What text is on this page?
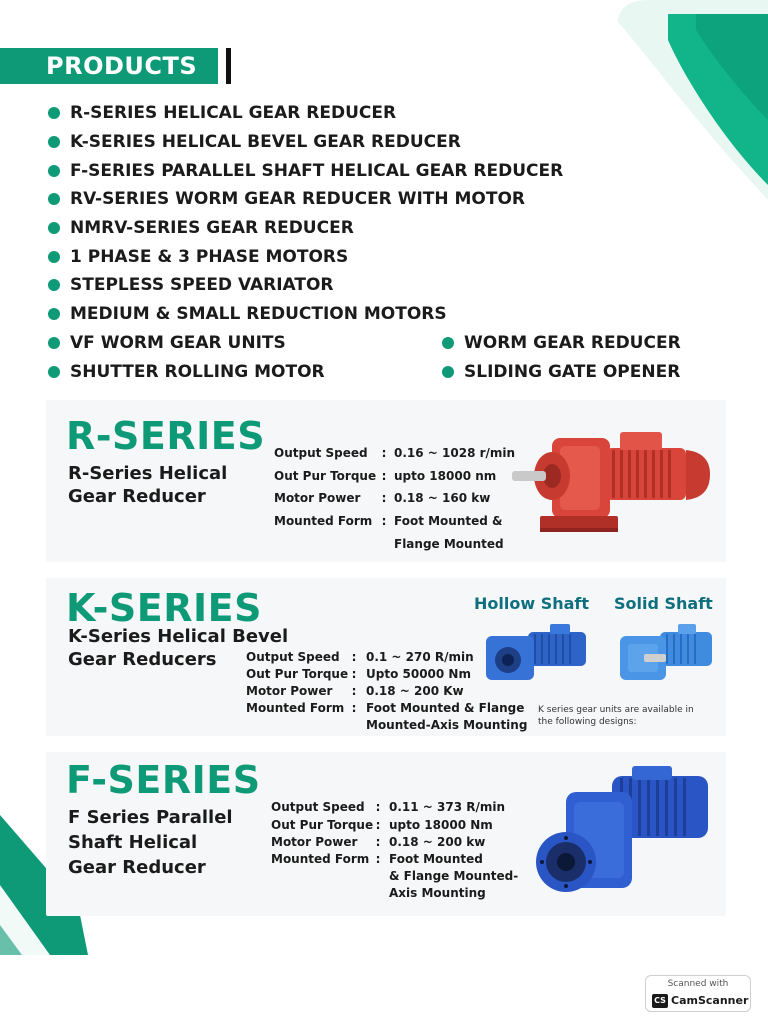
PRODUCTS
R-SERIES HELICAL GEAR REDUCER
K-SERIES HELICAL BEVEL GEAR REDUCER
F-SERIES PARALLEL SHAFT HELICAL GEAR REDUCER
RV-SERIES WORM GEAR REDUCER WITH MOTOR
NMRV-SERIES GEAR REDUCER
1 PHASE & 3 PHASE MOTORS
STEPLESS SPEED VARIATOR
MEDIUM & SMALL REDUCTION MOTORS
VF WORM GEAR UNITS
SHUTTER ROLLING MOTOR
WORM GEAR REDUCER
SLIDING GATE OPENER
R-SERIES
R-Series Helical
Gear Reducer
Output Speed	: 0.16 ~ 1028 r/min
Out Pur Torque : upto 18000 nm
Motor Power	: 0.18 ~ 160 kw
Mounted Form : Foot Mounted &
Flange Mounted
K-SERIES
K-Series Helical Bevel
Gear Reducers
Hollow Shaft Solid Shaft
Output Speed : 0.1 ~ 270 R/min
Out Pur Torque : Upto 50000 Nm
Motor Power	: 0.18 ~ 200 Kw
Mounted Form : Foot Mounted & Flange
Mounted-Axis Mounting
K series gear units are available in
the following designs:
F-SERIES
F Series Parallel
Shaft Helical
Gear Reducer
Output Speed : 0.11 ~ 373 R/min
Out Pur Torque : upto 18000 Nm
Motor Power	: 0.18 ~ 200 kw
Mounted Form : Foot Mounted
& Flange Mounted-
Axis Mounting
Scanned with
CS CamScanner
